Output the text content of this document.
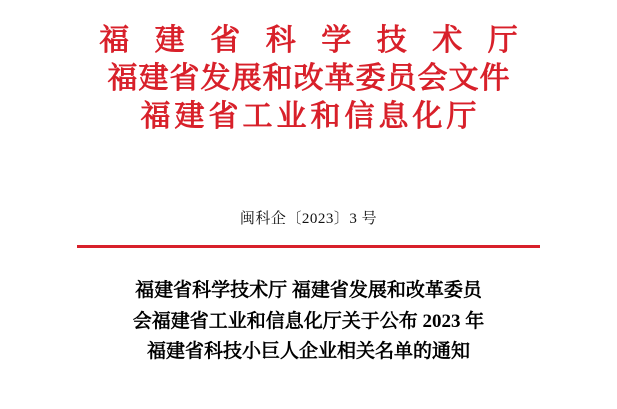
福 建 省 科 学 技 术 厅
福建省发展和改革委员会文件
福建省工业和信息化厅
闽科企〔2023〕3 号
福建省科学技术厅 福建省发展和改革委员
会福建省工业和信息化厅关于公布 2023 年
福建省科技小巨人企业相关名单的通知
